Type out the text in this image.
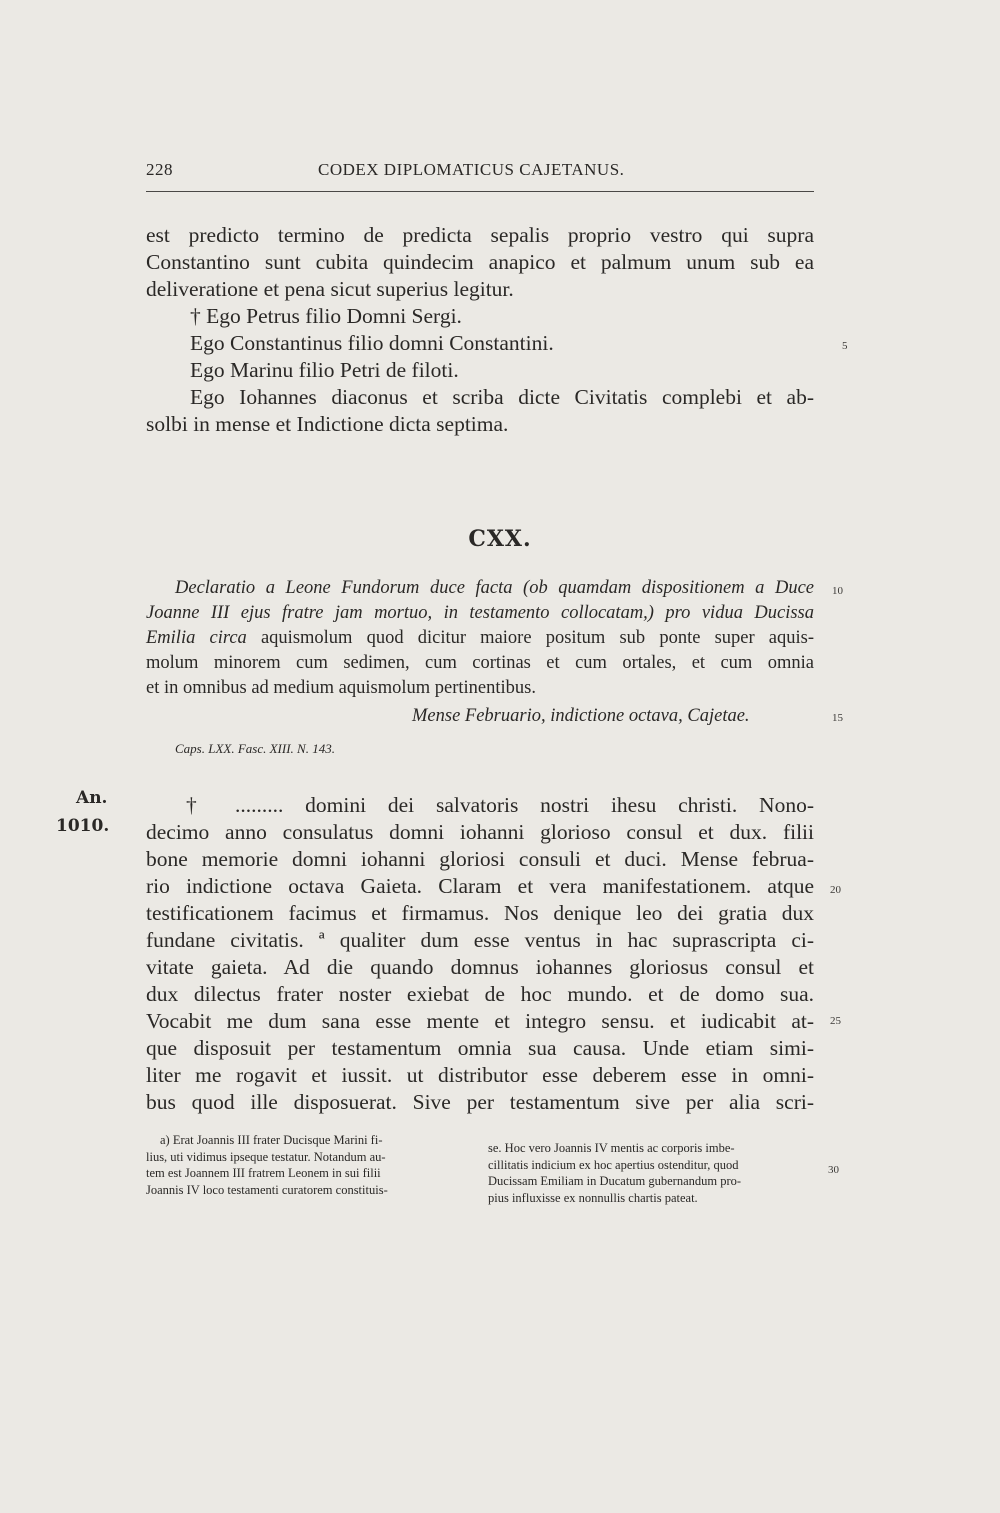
228	CODEX DIPLOMATICUS CAJETANUS.
est predicto termino de predicta sepalis proprio vestro qui supra
Constantino sunt cubita quindecim anapico et palmum unum sub ea
deliveratione et pena sicut superius legitur.
† Ego Petrus filio Domni Sergi.
Ego Constantinus filio domni Constantini.
Ego Marinu filio Petri de filoti.
Ego Iohannes diaconus et scriba dicte Civitatis complebi et ab-
solbi in mense et Indictione dicta septima.
5
10
15
20
25
30
CXX.
Declaratio a Leone Fundorum duce facta (ob quamdam dispositionem a Duce
Joanne III ejus fratre jam mortuo, in testamento collocatam,) pro vidua Ducissa
Emilia circa aquismolum quod dicitur maiore positum sub ponte super aquis-
molum minorem cum sedimen, cum cortinas et cum ortales, et cum omnia
et in omnibus ad medium aquismolum pertinentibus.
Mense Februario, indictione octava, Cajetae.
Caps. LXX. Fasc. XIII. N. 143.
An.
1010.
† ......... domini dei salvatoris nostri ihesu christi. Nono-
decimo anno consulatus domni iohanni glorioso consul et dux. filii
bone memorie domni iohanni gloriosi consuli et duci. Mense februa-
rio indictione octava Gaieta. Claram et vera manifestationem. atque
testificationem facimus et firmamus. Nos denique leo dei gratia dux
fundane civitatis. ª qualiter dum esse ventus in hac suprascripta ci-
vitate gaieta. Ad die quando domnus iohannes gloriosus consul et
dux dilectus frater noster exiebat de hoc mundo. et de domo sua.
Vocabit me dum sana esse mente et integro sensu. et iudicabit at-
que disposuit per testamentum omnia sua causa. Unde etiam simi-
liter me rogavit et iussit. ut distributor esse deberem esse in omni-
bus quod ille disposuerat. Sive per testamentum sive per alia scri-
a) Erat Joannis III frater Ducisque Marini fi-
lius, uti vidimus ipseque testatur. Notandum au-
tem est Joannem III fratrem Leonem in sui filii
Joannis IV loco testamenti curatorem constituis-
se. Hoc vero Joannis IV mentis ac corporis imbe-
cillitatis indicium ex hoc apertius ostenditur, quod
Ducissam Emiliam in Ducatum gubernandum pro-
pius influxisse ex nonnullis chartis pateat.
